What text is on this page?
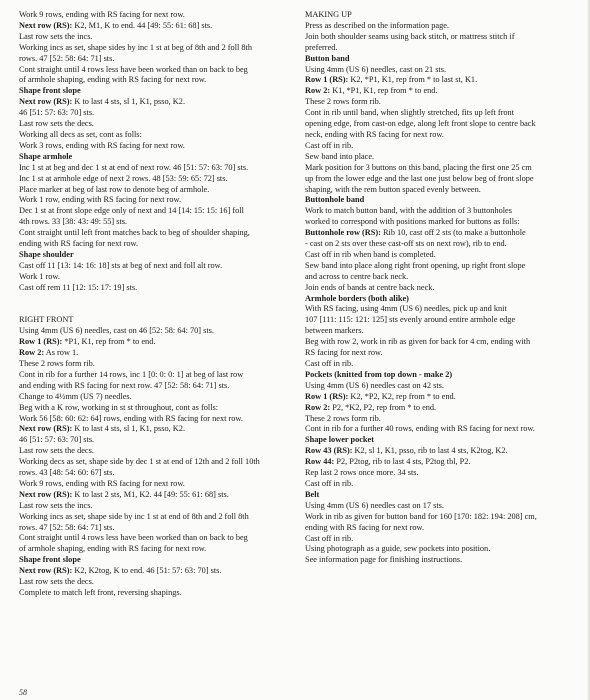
Work 9 rows, ending with RS facing for next row.
Next row (RS): K2, M1, K to end. 44 [49: 55: 61: 68] sts.
Last row sets the incs.
Working incs as set, shape sides by inc 1 st at beg of 8th and 2 foll 8th
rows. 47 [52: 58: 64: 71] sts.
Cont straight until 4 rows less have been worked than on back to beg
of armhole shaping, ending with RS facing for next row.
Shape front slope
Next row (RS): K to last 4 sts, sl 1, K1, psso, K2.
46 [51: 57: 63: 70] sts.
Last row sets the decs.
Working all decs as set, cont as folls:
Work 3 rows, ending with RS facing for next row.
Shape armhole
Inc 1 st at beg and dec 1 st at end of next row. 46 [51: 57: 63: 70] sts.
Inc 1 st at armhole edge of next 2 rows. 48 [53: 59: 65: 72] sts.
Place marker at beg of last row to denote beg of armhole.
Work 1 row, ending with RS facing for next row.
Dec 1 st at front slope edge only of next and 14 [14: 15: 15: 16] foll
4th rows. 33 [38: 43: 49: 55] sts.
Cont straight until left front matches back to beg of shoulder shaping,
ending with RS facing for next row.
Shape shoulder
Cast off 11 [13: 14: 16: 18] sts at beg of next and foll alt row.
Work 1 row.
Cast off rem 11 [12: 15: 17: 19] sts.
RIGHT FRONT
Using 4mm (US 6) needles, cast on 46 [52: 58: 64: 70] sts.
Row 1 (RS): *P1, K1, rep from * to end.
Row 2: As row 1.
These 2 rows form rib.
Cont in rib for a further 14 rows, inc 1 [0: 0: 0: 1] at beg of last row
and ending with RS facing for next row. 47 [52: 58: 64: 71] sts.
Change to 4½mm (US 7) needles.
Beg with a K row, working in st st throughout, cont as folls:
Work 56 [58: 60: 62: 64] rows, ending with RS facing for next row.
Next row (RS): K to last 4 sts, sl 1, K1, psso, K2.
46 [51: 57: 63: 70] sts.
Last row sets the decs.
Working decs as set, shape side by dec 1 st at end of 12th and 2 foll 10th
rows. 43 [48: 54: 60: 67] sts.
Work 9 rows, ending with RS facing for next row.
Next row (RS): K to last 2 sts, M1, K2. 44 [49: 55: 61: 68] sts.
Last row sets the incs.
Working incs as set, shape side by inc 1 st at end of 8th and 2 foll 8th
rows. 47 [52: 58: 64: 71] sts.
Cont straight until 4 rows less have been worked than on back to beg
of armhole shaping, ending with RS facing for next row.
Shape front slope
Next row (RS): K2, K2tog, K to end. 46 [51: 57: 63: 70] sts.
Last row sets the decs.
Complete to match left front, reversing shapings.
MAKING UP
Press as described on the information page.
Join both shoulder seams using back stitch, or mattress stitch if
preferred.
Button band
Using 4mm (US 6) needles, cast on 21 sts.
Row 1 (RS): K2, *P1, K1, rep from * to last st, K1.
Row 2: K1, *P1, K1, rep from * to end.
These 2 rows form rib.
Cont in rib until band, when slightly stretched, fits up left front
opening edge, from cast-on edge, along left front slope to centre back
neck, ending with RS facing for next row.
Cast off in rib.
Sew band into place.
Mark position for 3 buttons on this band, placing the first one 25 cm
up from the lower edge and the last one just below beg of front slope
shaping, with the rem button spaced evenly between.
Buttonhole band
Work to match button band, with the addition of 3 buttonholes
worked to correspond with positions marked for buttons as folls:
Buttonhole row (RS): Rib 10, cast off 2 sts (to make a buttonhole
- cast on 2 sts over these cast-off sts on next row), rib to end.
Cast off in rib when band is completed.
Sew band into place along right front opening, up right front slope
and across to centre back neck.
Join ends of bands at centre back neck.
Armhole borders (both alike)
With RS facing, using 4mm (US 6) needles, pick up and knit
107 [111: 115: 121: 125] sts evenly around entire armhole edge
between markers.
Beg with row 2, work in rib as given for back for 4 cm, ending with
RS facing for next row.
Cast off in rib.
Pockets (knitted from top down - make 2)
Using 4mm (US 6) needles cast on 42 sts.
Row 1 (RS): K2, *P2, K2, rep from * to end.
Row 2: P2, *K2, P2, rep from * to end.
These 2 rows form rib.
Cont in rib for a further 40 rows, ending with RS facing for next row.
Shape lower pocket
Row 43 (RS): K2, sl 1, K1, psso, rib to last 4 sts, K2tog, K2.
Row 44: P2, P2tog, rib to last 4 sts, P2tog tbl, P2.
Rep last 2 rows once more. 34 sts.
Cast off in rib.
Belt
Using 4mm (US 6) needles cast on 17 sts.
Work in rib as given for button band for 160 [170: 182: 194: 208] cm,
ending with RS facing for next row.
Cast off in rib.
Using photograph as a guide, sew pockets into position.
See information page for finishing instructions.
58
